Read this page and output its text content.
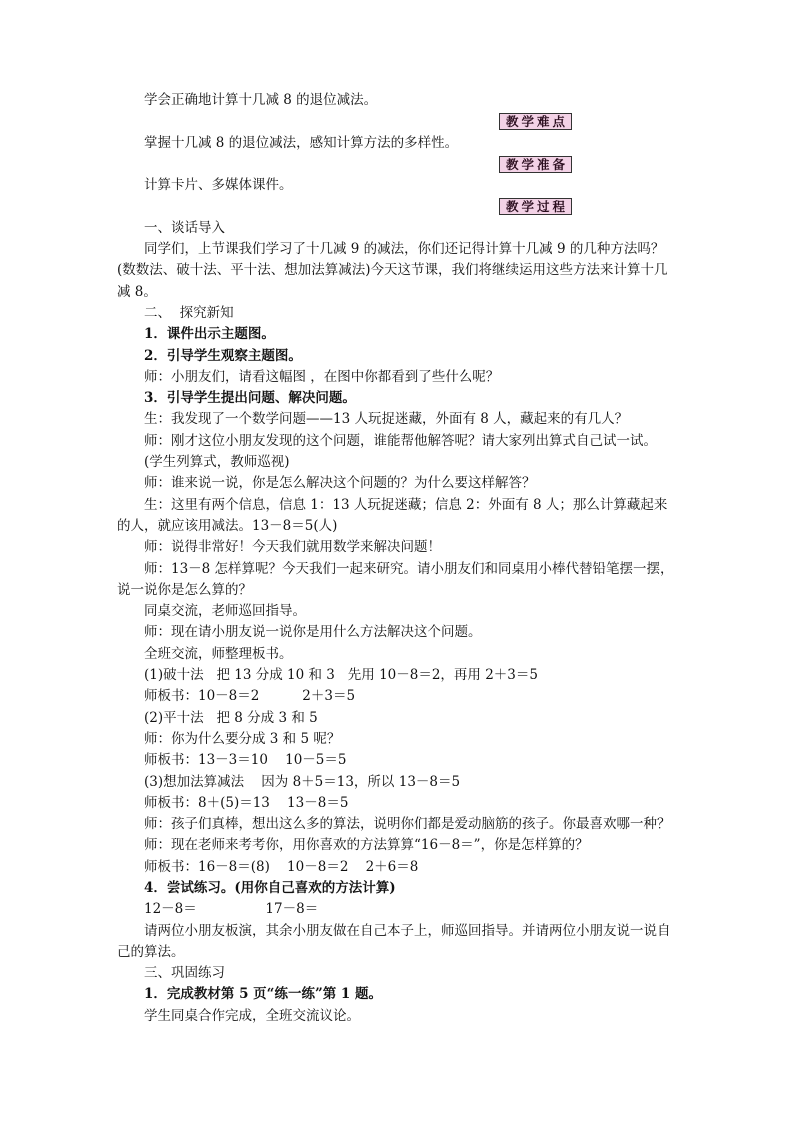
学会正确地计算十几减 8 的退位减法。

教学难点

掌握十几减 8 的退位减法，感知计算方法的多样性。

教学准备

计算卡片、多媒体课件。

教学过程

一、谈话导入

同学们，上节课我们学习了十几减 9 的减法，你们还记得计算十几减 9 的几种方法吗？(数数法、破十法、平十法、想加法算减法)今天这节课，我们将继续运用这些方法来计算十几减 8。

二、  探究新知

1．课件出示主题图。

2．引导学生观察主题图。

师：小朋友们，请看这幅图 ，在图中你都看到了些什么呢？

3．引导学生提出问题、解决问题。

生：我发现了一个数学问题——13 人玩捉迷藏，外面有 8 人，藏起来的有几人？

师：刚才这位小朋友发现的这个问题，谁能帮他解答呢？请大家列出算式自己试一试。

(学生列算式，教师巡视)

师：谁来说一说，你是怎么解决这个问题的？为什么要这样解答？

生：这里有两个信息，信息 1：13 人玩捉迷藏；信息 2：外面有 8 人；那么计算藏起来的人，就应该用减法。13－8＝5(人)

师：说得非常好！今天我们就用数学来解决问题！

师：13－8 怎样算呢？今天我们一起来研究。请小朋友们和同桌用小棒代替铅笔摆一摆，说一说你是怎么算的？

同桌交流，老师巡回指导。

师：现在请小朋友说一说你是用什么方法解决这个问题。

全班交流，师整理板书。

(1)破十法   把 13 分成 10 和 3   先用 10－8＝2，再用 2＋3＝5

师板书：10－8＝2          2＋3＝5

(2)平十法   把 8 分成 3 和 5

师：你为什么要分成 3 和 5 呢？

师板书：13－3＝10    10－5＝5

(3)想加法算减法    因为 8＋5＝13，所以 13－8＝5

师板书：8＋(5)＝13    13－8＝5

师：孩子们真棒，想出这么多的算法，说明你们都是爱动脑筋的孩子。你最喜欢哪一种？

师：现在老师来考考你，用你喜欢的方法算算“16－8＝”，你是怎样算的？

师板书：16－8＝(8)    10－8＝2    2＋6＝8

4．尝试练习。(用你自己喜欢的方法计算)

12－8＝                17－8＝

请两位小朋友板演，其余小朋友做在自己本子上，师巡回指导。并请两位小朋友说一说自己的算法。

三、巩固练习

1．完成教材第 5 页“练一练”第 1 题。

学生同桌合作完成，全班交流议论。
